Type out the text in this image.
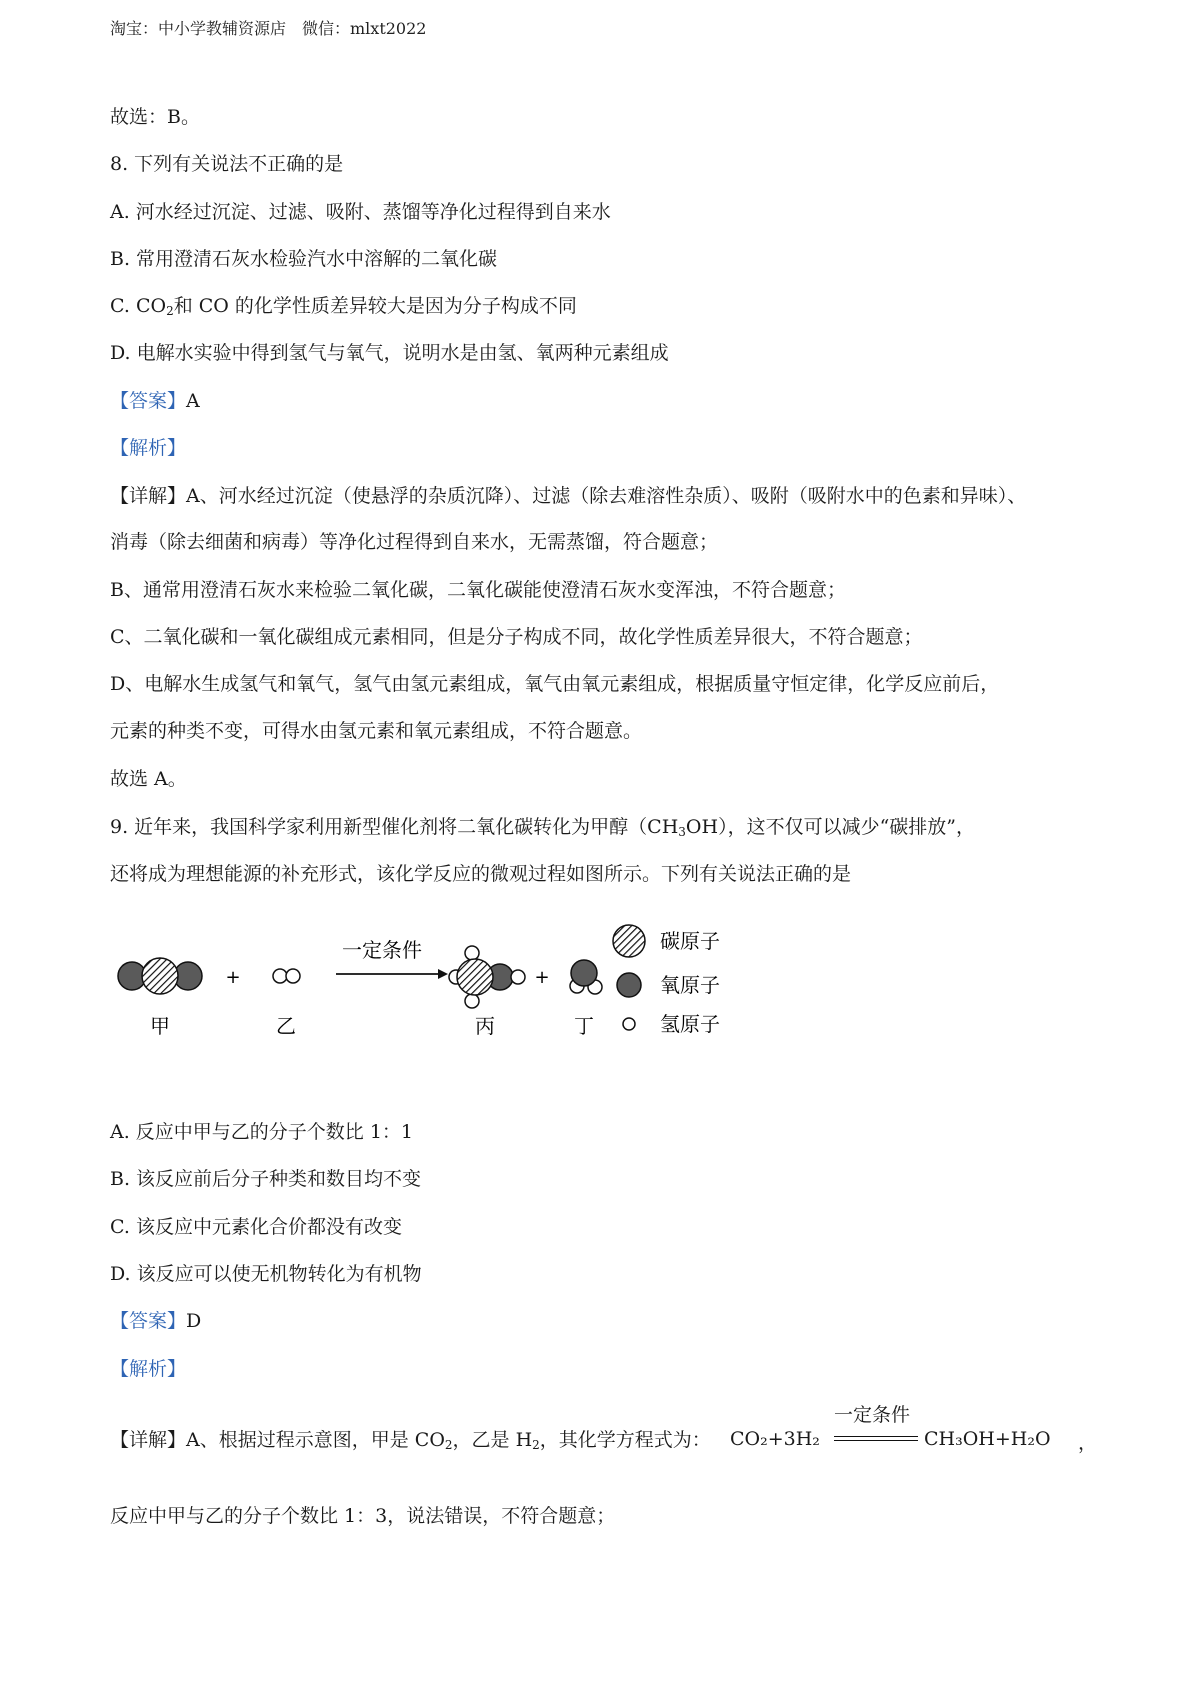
淘宝：中小学教辅资源店　微信：mlxt2022
故选：B。
8. 下列有关说法不正确的是
A. 河水经过沉淀、过滤、吸附、蒸馏等净化过程得到自来水
B. 常用澄清石灰水检验汽水中溶解的二氧化碳
C. $CO_2$和 CO 的化学性质差异较大是因为分子构成不同
D. 电解水实验中得到氢气与氧气，说明水是由氢、氧两种元素组成
【答案】A
【解析】
【详解】A、河水经过沉淀（使悬浮的杂质沉降）、过滤（除去难溶性杂质）、吸附（吸附水中的色素和异味）、
消毒（除去细菌和病毒）等净化过程得到自来水，无需蒸馏，符合题意；
B、通常用澄清石灰水来检验二氧化碳，二氧化碳能使澄清石灰水变浑浊，不符合题意；
C、二氧化碳和一氧化碳组成元素相同，但是分子构成不同，故化学性质差异很大，不符合题意；
D、电解水生成氢气和氧气，氢气由氢元素组成，氧气由氧元素组成，根据质量守恒定律，化学反应前后，
元素的种类不变，可得水由氢元素和氧元素组成，不符合题意。
故选 A。
9. 近年来，我国科学家利用新型催化剂将二氧化碳转化为甲醇$(CH_3OH)$，这不仅可以减少“碳排放”，
还将成为理想能源的补充形式，该化学反应的微观过程如图所示。下列有关说法正确的是
甲
+
乙
一定条件
丙
+
丁
碳原子
氧原子
氢原子
A. 反应中甲与乙的分子个数比 1：1
B. 该反应前后分子种类和数目均不变
C. 该反应中元素化合价都没有改变
D. 该反应可以使无机物转化为有机物
【答案】D
【解析】
【详解】A、根据过程示意图，甲是 $CO_2$，乙是 $H_2$，其化学方程式为： CO₂+3H₂
一定条件
CH₃OH+H₂O ，
反应中甲与乙的分子个数比 1：3，说法错误，不符合题意；
